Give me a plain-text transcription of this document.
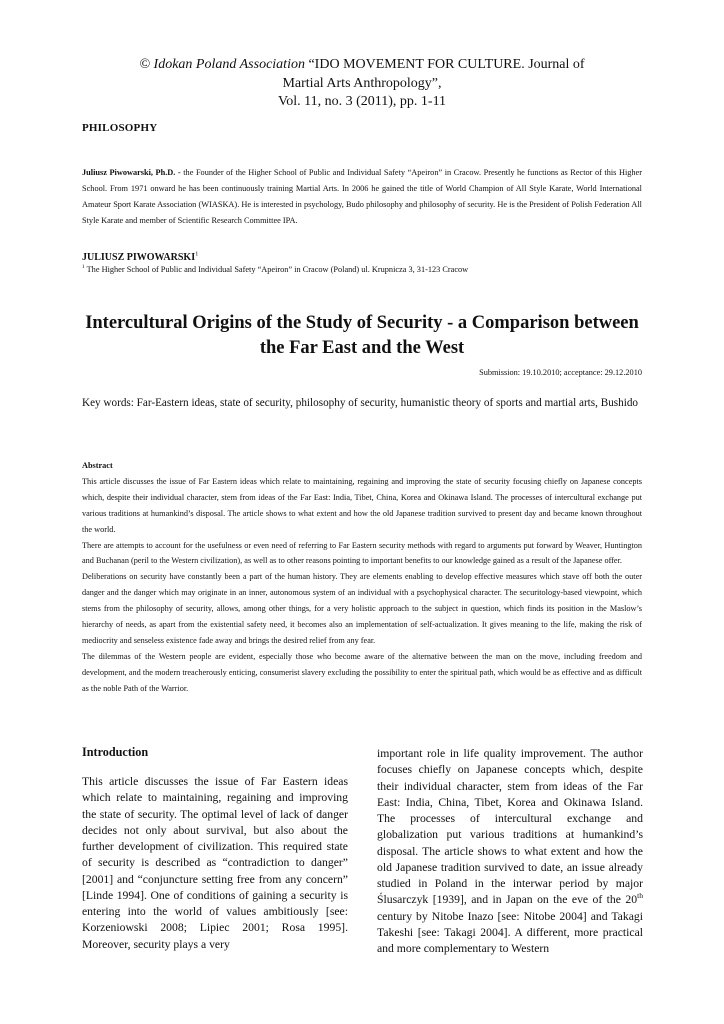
© Idokan Poland Association “IDO MOVEMENT FOR CULTURE. Journal of
Martial Arts Anthropology”,
Vol. 11, no. 3 (2011), pp. 1-11
PHILOSOPHY
Juliusz Piwowarski, Ph.D. - the Founder of the Higher School of Public and Individual Safety “Apeiron” in Cracow. Presently he functions as Rector of this Higher School. From 1971 onward he has been continuously training Martial Arts. In 2006 he gained the title of World Champion of All Style Karate, World International Amateur Sport Karate Association (WIASKA). He is interested in psychology, Budo philosophy and philosophy of security. He is the President of Polish Federation All Style Karate and member of Scientific Research Committee IPA.
JULIUSZ PIWOWARSKI$^1$
$^1$ The Higher School of Public and Individual Safety “Apeiron” in Cracow (Poland) ul. Krupnicza 3, 31-123 Cracow
Intercultural Origins of the Study of Security - a Comparison between the Far East and the West
Submission: 19.10.2010; acceptance: 29.12.2010
Key words: Far-Eastern ideas, state of security, philosophy of security, humanistic theory of sports and martial arts, Bushido
Abstract

This article discusses the issue of Far Eastern ideas which relate to maintaining, regaining and improving the state of security focusing chiefly on Japanese concepts which, despite their individual character, stem from ideas of the Far East: India, Tibet, China, Korea and Okinawa Island. The processes of intercultural exchange put various traditions at humankind’s disposal. The article shows to what extent and how the old Japanese tradition survived to present day and became known throughout the world.

There are attempts to account for the usefulness or even need of referring to Far Eastern security methods with regard to arguments put forward by Weaver, Huntington and Buchanan (peril to the Western civilization), as well as to other reasons pointing to important benefits to our knowledge gained as a result of the Japanese offer.

Deliberations on security have constantly been a part of the human history. They are elements enabling to develop effective measures which stave off both the outer danger and the danger which may originate in an inner, autonomous system of an individual with a psychophysical character. The securitology-based viewpoint, which stems from the philosophy of security, allows, among other things, for a very holistic approach to the subject in question, which finds its position in the Maslow’s hierarchy of needs, as apart from the existential safety need, it becomes also an implementation of self-actualization. It gives meaning to the life, making the risk of mediocrity and senseless existence fade away and brings the desired relief from any fear.

The dilemmas of the Western people are evident, especially those who become aware of the alternative between the man on the move, including freedom and development, and the modern treacherously enticing, consumerist slavery excluding the possibility to enter the spiritual path, which would be as effective and as difficult as the noble Path of the Warrior.

Introduction

This article discusses the issue of Far Eastern ideas which relate to maintaining, regaining and improving the state of security. The optimal level of lack of danger decides not only about survival, but also about the further development of civilization. This required state of security is described as “contradiction to danger” [2001] and “conjuncture setting free from any concern” [Linde 1994]. One of conditions of gaining a security is entering into the world of values ambitiously [see: Korzeniowski 2008; Lipiec 2001; Rosa 1995]. Moreover, security plays a very

important role in life quality improvement. The author focuses chiefly on Japanese concepts which, despite their individual character, stem from ideas of the Far East: India, China, Tibet, Korea and Okinawa Island. The processes of intercultural exchange and globalization put various traditions at humankind’s disposal. The article shows to what extent and how the old Japanese tradition survived to date, an issue already studied in Poland in the interwar period by major Ślusarczyk [1939], and in Japan on the eve of the 20th century by Nitobe Inazo [see: Nitobe 2004] and Takagi Takeshi [see: Takagi 2004]. A different, more practical and more complementary to Western
